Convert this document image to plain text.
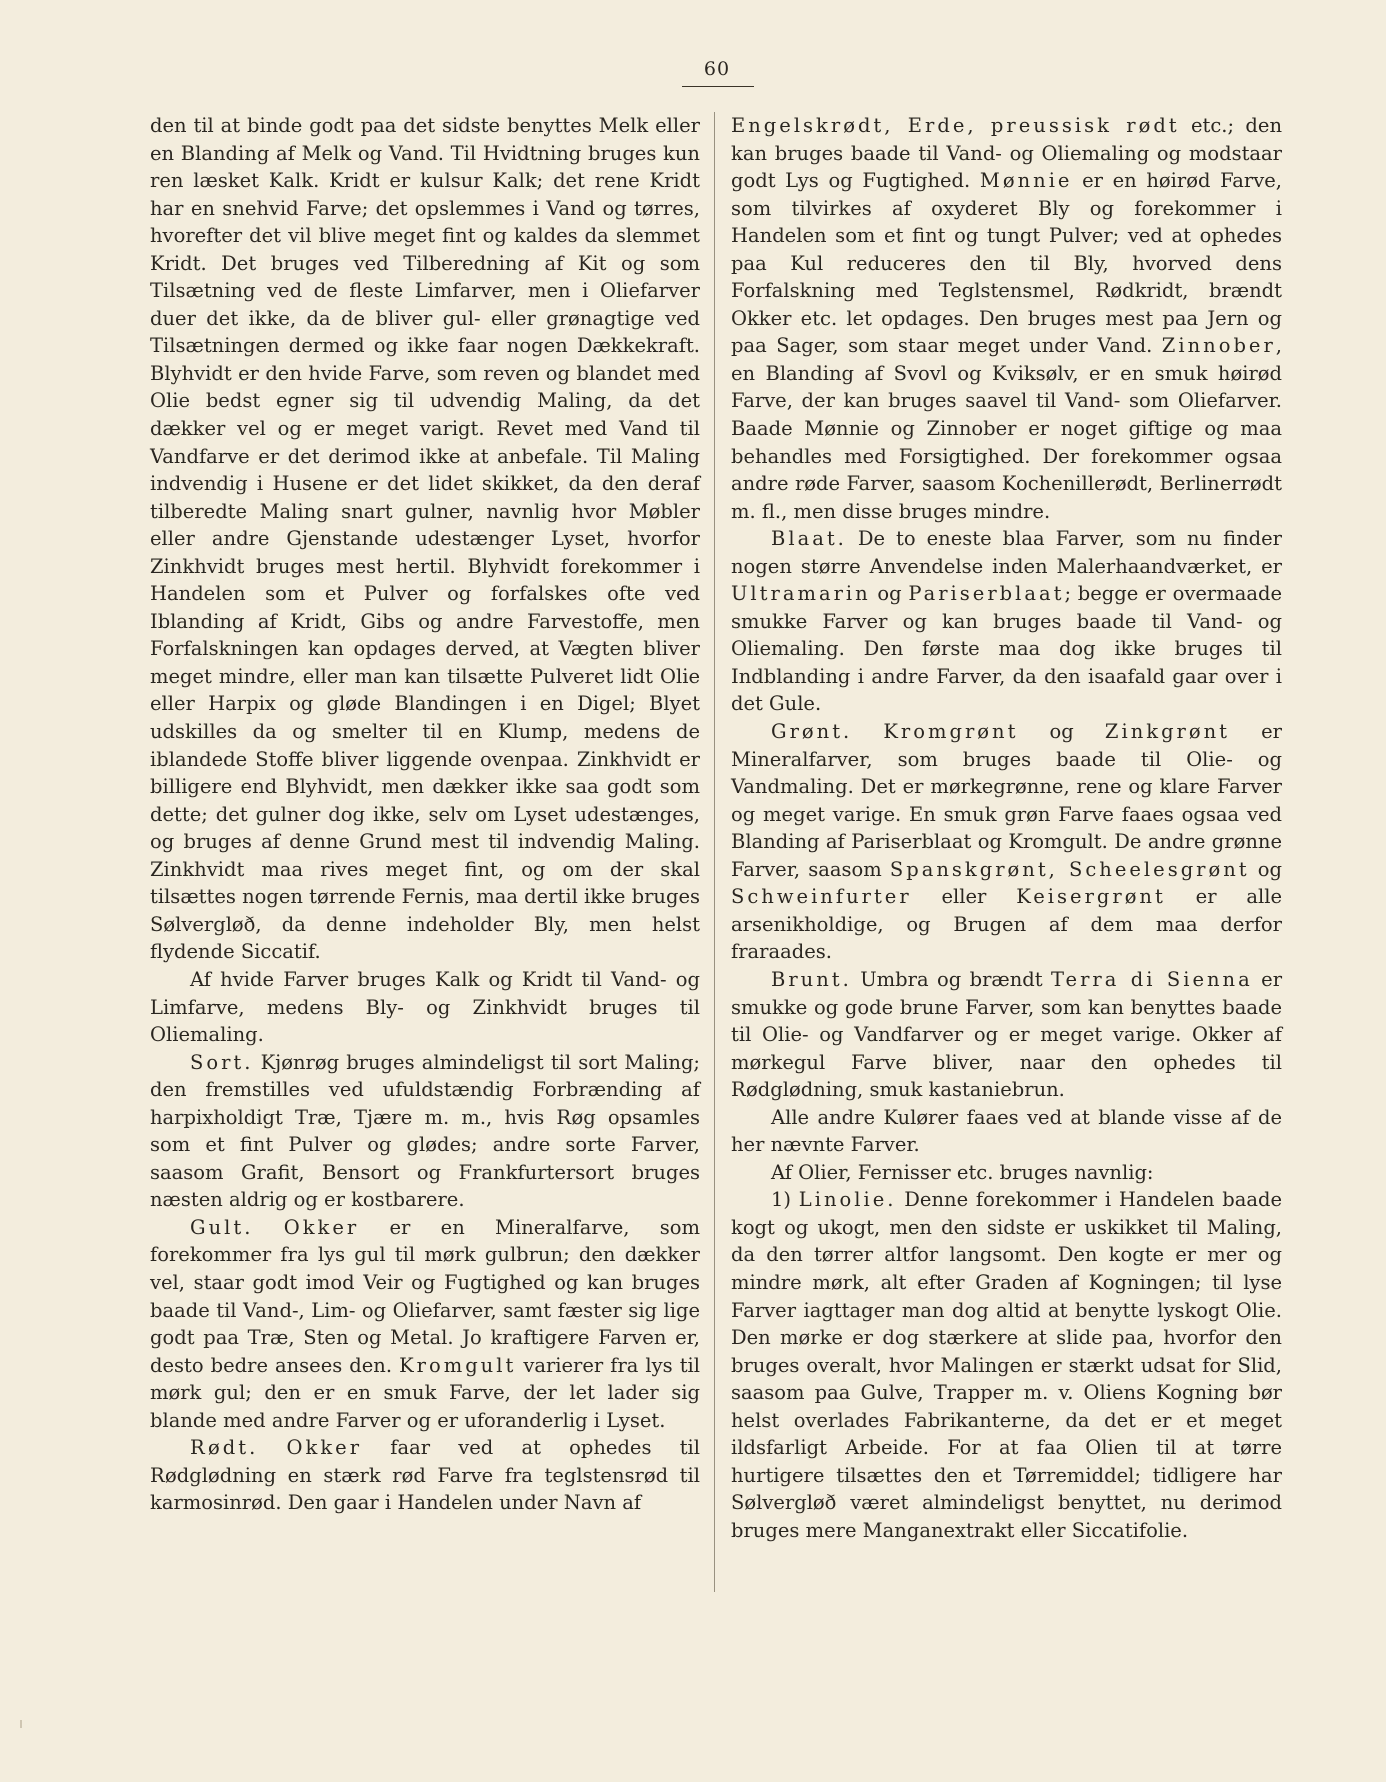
60

den til at binde godt paa det sidste benyttes Melk eller en Blanding af Melk og Vand. Til Hvidtning bruges kun ren læsket Kalk. Kridt er kulsur Kalk; det rene Kridt har en snehvid Farve; det opslemmes i Vand og tørres, hvorefter det vil blive meget fint og kaldes da slemmet Kridt. Det bruges ved Tilberedning af Kit og som Tilsætning ved de fleste Limfarver, men i Oliefarver duer det ikke, da de bliver gul- eller grønagtige ved Tilsætningen dermed og ikke faar nogen Dækkekraft. Blyhvidt er den hvide Farve, som reven og blandet med Olie bedst egner sig til udvendig Maling, da det dækker vel og er meget varigt. Revet med Vand til Vandfarve er det derimod ikke at anbefale. Til Maling indvendig i Husene er det lidet skikket, da den deraf tilberedte Maling snart gulner, navnlig hvor Møbler eller andre Gjenstande udestænger Lyset, hvorfor Zinkhvidt bruges mest hertil. Blyhvidt forekommer i Handelen som et Pulver og forfalskes ofte ved Iblanding af Kridt, Gibs og andre Farvestoffe, men Forfalskningen kan opdages derved, at Vægten bliver meget mindre, eller man kan tilsætte Pulveret lidt Olie eller Harpix og gløde Blandingen i en Digel; Blyet udskilles da og smelter til en Klump, medens de iblandede Stoffe bliver liggende ovenpaa. Zinkhvidt er billigere end Blyhvidt, men dækker ikke saa godt som dette; det gulner dog ikke, selv om Lyset udestænges, og bruges af denne Grund mest til indvendig Maling. Zinkhvidt maa rives meget fint, og om der skal tilsættes nogen tørrende Fernis, maa dertil ikke bruges Sølvergløð, da denne indeholder Bly, men helst flydende Siccatif.

Af hvide Farver bruges Kalk og Kridt til Vand- og Limfarve, medens Bly- og Zinkhvidt bruges til Oliemaling.

Sort. Kjønrøg bruges almindeligst til sort Maling; den fremstilles ved ufuldstændig Forbrænding af harpixholdigt Træ, Tjære m. m., hvis Røg opsamles som et fint Pulver og glødes; andre sorte Farver, saasom Grafit, Bensort og Frankfurtersort bruges næsten aldrig og er kostbarere.

Gult. Okker er en Mineralfarve, som forekommer fra lys gul til mørk gulbrun; den dækker vel, staar godt imod Veir og Fugtighed og kan bruges baade til Vand-, Lim- og Oliefarver, samt fæster sig lige godt paa Træ, Sten og Metal. Jo kraftigere Farven er, desto bedre ansees den. Kromgult varierer fra lys til mørk gul; den er en smuk Farve, der let lader sig blande med andre Farver og er uforanderlig i Lyset.

Rødt. Okker faar ved at ophedes til Rødglødning en stærk rød Farve fra teglstensrød til karmosinrød. Den gaar i Handelen under Navn af

Engelskrødt, Erde, preussisk rødt etc.; den kan bruges baade til Vand- og Oliemaling og modstaar godt Lys og Fugtighed. Mønnie er en høirød Farve, som tilvirkes af oxyderet Bly og forekommer i Handelen som et fint og tungt Pulver; ved at ophedes paa Kul reduceres den til Bly, hvorved dens Forfalskning med Teglstensmel, Rødkridt, brændt Okker etc. let opdages. Den bruges mest paa Jern og paa Sager, som staar meget under Vand. Zinnober, en Blanding af Svovl og Kviksølv, er en smuk høirød Farve, der kan bruges saavel til Vand- som Oliefarver. Baade Mønnie og Zinnober er noget giftige og maa behandles med Forsigtighed. Der forekommer ogsaa andre røde Farver, saasom Kochenillerødt, Berlinerrødt m. fl., men disse bruges mindre.

Blaat. De to eneste blaa Farver, som nu finder nogen større Anvendelse inden Malerhaandværket, er Ultramarin og Pariserblaat; begge er overmaade smukke Farver og kan bruges baade til Vand- og Oliemaling. Den første maa dog ikke bruges til Indblanding i andre Farver, da den isaafald gaar over i det Gule.

Grønt. Kromgrønt og Zinkgrønt er Mineralfarver, som bruges baade til Olie- og Vandmaling. Det er mørkegrønne, rene og klare Farver og meget varige. En smuk grøn Farve faaes ogsaa ved Blanding af Pariserblaat og Kromgult. De andre grønne Farver, saasom Spanskgrønt, Scheelesgrønt og Schweinfurter eller Keisergrønt er alle arsenikholdige, og Brugen af dem maa derfor fraraades.

Brunt. Umbra og brændt Terra di Sienna er smukke og gode brune Farver, som kan benyttes baade til Olie- og Vandfarver og er meget varige. Okker af mørkegul Farve bliver, naar den ophedes til Rødglødning, smuk kastaniebrun.

Alle andre Kulører faaes ved at blande visse af de her nævnte Farver.

Af Olier, Fernisser etc. bruges navnlig:

1) Linolie. Denne forekommer i Handelen baade kogt og ukogt, men den sidste er uskikket til Maling, da den tørrer altfor langsomt. Den kogte er mer og mindre mørk, alt efter Graden af Kogningen; til lyse Farver iagttager man dog altid at benytte lyskogt Olie. Den mørke er dog stærkere at slide paa, hvorfor den bruges overalt, hvor Malingen er stærkt udsat for Slid, saasom paa Gulve, Trapper m. v. Oliens Kogning bør helst overlades Fabrikanterne, da det er et meget ildsfarligt Arbeide. For at faa Olien til at tørre hurtigere tilsættes den et Tørremiddel; tidligere har Sølvergløð været almindeligst benyttet, nu derimod bruges mere Manganextrakt eller Siccatifolie.
